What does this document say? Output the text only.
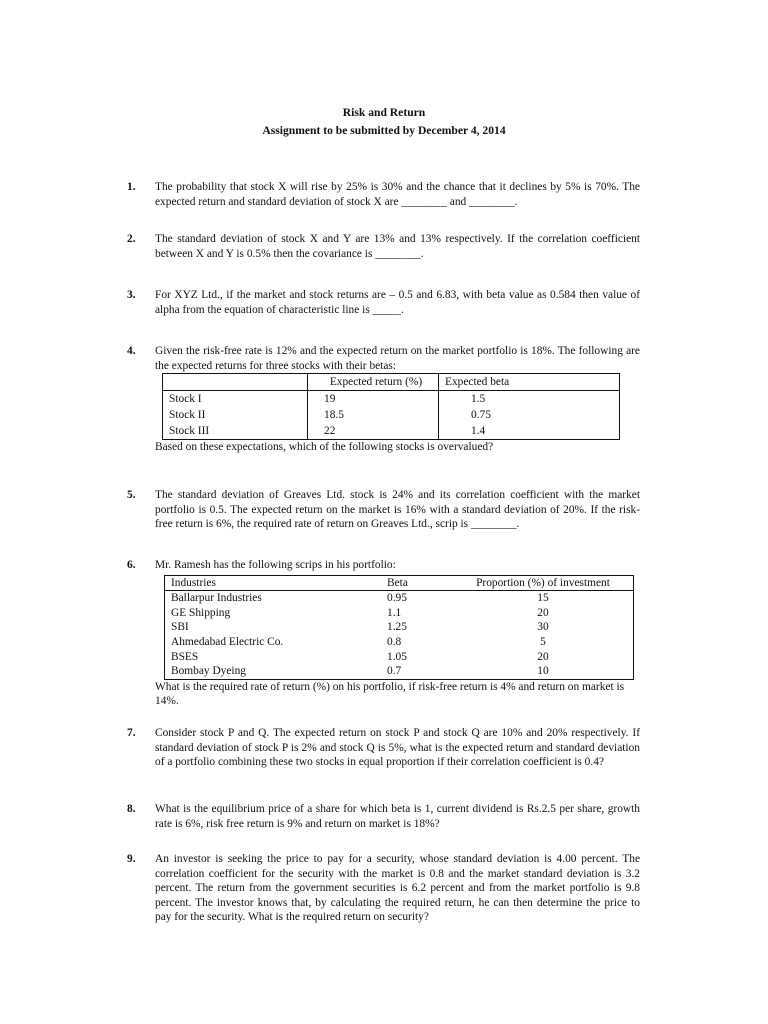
Risk and Return
Assignment to be submitted by December 4, 2014
1. The probability that stock X will rise by 25% is 30% and the chance that it declines by 5% is 70%. The expected return and standard deviation of stock X are ________ and ________.
2. The standard deviation of stock X and Y are 13% and 13% respectively. If the correlation coefficient between X and Y is 0.5% then the covariance is ________.
3. For XYZ Ltd., if the market and stock returns are – 0.5 and 6.83, with beta value as 0.584 then value of alpha from the equation of characteristic line is _____.
4. Given the risk-free rate is 12% and the expected return on the market portfolio is 18%. The following are the expected returns for three stocks with their betas:
	Expected return (%)	Expected beta
Stock I	19	1.5
Stock II	18.5	0.75
Stock III	22	1.4
Based on these expectations, which of the following stocks is overvalued?
5. The standard deviation of Greaves Ltd. stock is 24% and its correlation coefficient with the market portfolio is 0.5. The expected return on the market is 16% with a standard deviation of 20%. If the risk-free return is 6%, the required rate of return on Greaves Ltd., scrip is ________.
6. Mr. Ramesh has the following scrips in his portfolio:
Industries	Beta	Proportion (%) of investment
Ballarpur Industries	0.95	15
GE Shipping	1.1	20
SBI	1.25	30
Ahmedabad Electric Co.	0.8	5
BSES	1.05	20
Bombay Dyeing	0.7	10
What is the required rate of return (%) on his portfolio, if risk-free return is 4% and return on market is 14%.
7. Consider stock P and Q. The expected return on stock P and stock Q are 10% and 20% respectively. If standard deviation of stock P is 2% and stock Q is 5%, what is the expected return and standard deviation of a portfolio combining these two stocks in equal proportion if their correlation coefficient is 0.4?
8. What is the equilibrium price of a share for which beta is 1, current dividend is Rs.2.5 per share, growth rate is 6%, risk free return is 9% and return on market is 18%?
9. An investor is seeking the price to pay for a security, whose standard deviation is 4.00 percent. The correlation coefficient for the security with the market is 0.8 and the market standard deviation is 3.2 percent. The return from the government securities is 6.2 percent and from the market portfolio is 9.8 percent. The investor knows that, by calculating the required return, he can then determine the price to pay for the security. What is the required return on security?
